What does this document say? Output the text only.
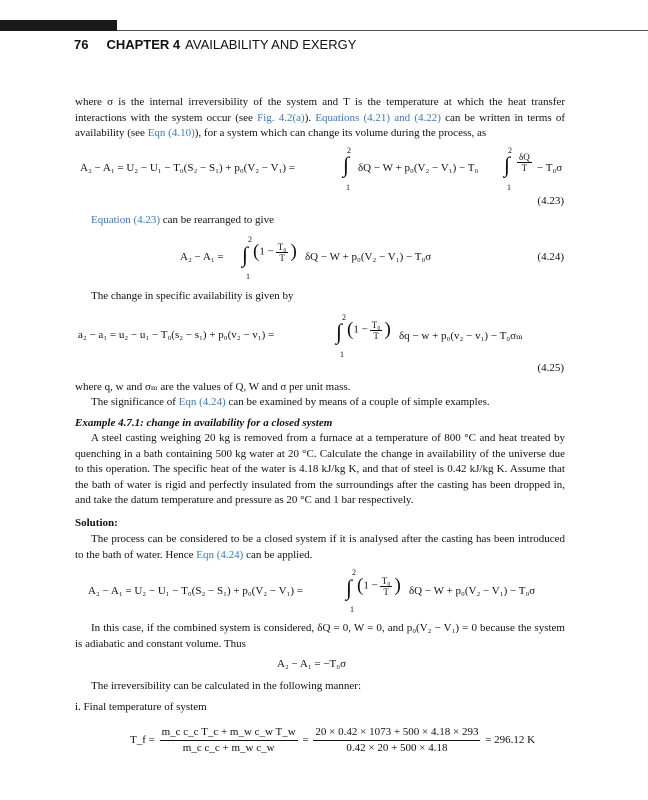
76 CHAPTER 4 AVAILABILITY AND EXERGY
where σ is the internal irreversibility of the system and T is the temperature at which the heat transfer interactions with the system occur (see Fig. 4.2(a)). Equations (4.21) and (4.22) can be written in terms of availability (see Eqn (4.10)), for a system which can change its volume during the process, as
A₂ − A₁ = U₂ − U₁ − T₀(S₂ − S₁) + p₀(V₂ − V₁) =
2
∫
1
δQ − W + p₀(V₂ − V₁) − T₀
2
∫
1
$\frac{\delta Q}{T} - T_0\sigma$
(4.23)
Equation (4.23) can be rearranged to give
A₂ − A₁ =
2
∫
1
($1 - \frac{\text{T₀}}{T}$ ) δQ − W + p₀(V₂ − V₁) − T₀σ	(4.24)
The change in specific availability is given by
a₂ − a₁ = u₂ − u₁ − T₀(s₂ − s₁) + p₀(v₂ − v₁) =
2
∫
1
($1 - \frac{\text{T₀}}{T}$ ) δq − w + p₀(v₂ − v₁) − T₀σₘ
(4.25)
where q, w and σₘ are the values of Q, W and σ per unit mass.
The significance of Eqn (4.24) can be examined by means of a couple of simple examples.
Example 4.7.1: change in availability for a closed system
A steel casting weighing 20 kg is removed from a furnace at a temperature of 800 °C and heat treated by quenching in a bath containing 500 kg water at 20 °C. Calculate the change in availability of the universe due to this operation. The specific heat of the water is 4.18 kJ/kg K, and that of steel is 0.42 kJ/kg K. Assume that the bath of water is rigid and perfectly insulated from the surroundings after the casting has been dropped in, and take the datum temperature and pressure as 20 °C and 1 bar respectively.
Solution:
The process can be considered to be a closed system if it is analysed after the casting has been introduced to the bath of water. Hence Eqn (4.24) can be applied.
A₂ − A₁ = U₂ − U₁ − T₀(S₂ − S₁) + p₀(V₂ − V₁) =
2
∫
1
($1 - \frac{\text{T₀}}{T}$ ) δQ − W + p₀(V₂ − V₁) − T₀σ
In this case, if the combined system is considered, δQ = 0, W = 0, and p₀(V₂ − V₁) = 0 because the system is adiabatic and constant volume. Thus
A₂ − A₁ = −T₀σ
The irreversibility can be calculated in the following manner:
i. Final temperature of system
T_f = $\frac{\text{m\_c c\_c T\_c + m\_w c\_w T\_w}}{\text{m\_c c\_c + m\_w c\_w}} = \frac{20 \times 0.42 \times 1073 + 500 \times 4.18 \times 293}{0.42 \times 20 + 500 \times 4.18} = 296.12$ K
